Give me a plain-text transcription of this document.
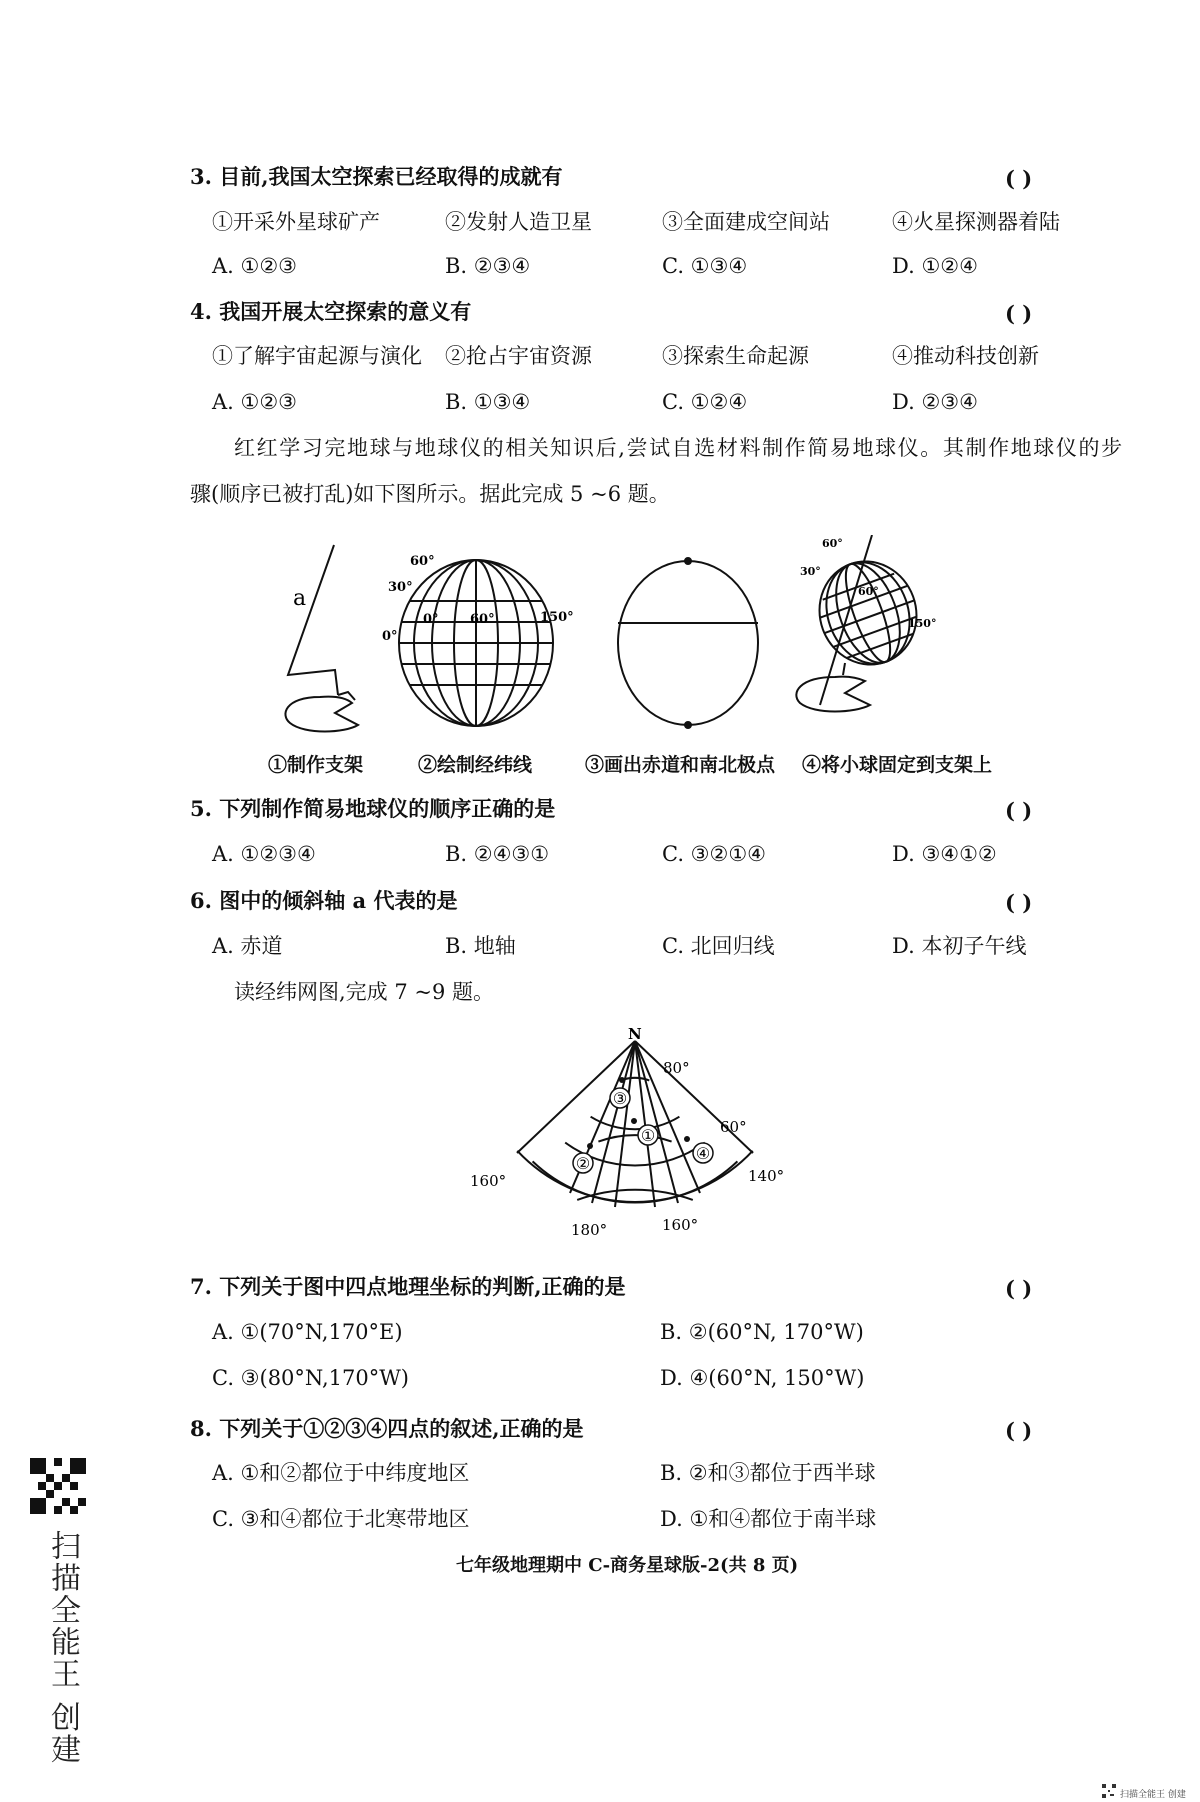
3. 目前,我国太空探索已经取得的成就有	( )
①开采外星球矿产	②发射人造卫星	③全面建成空间站	④火星探测器着陆
A. ①②③	B. ②③④	C. ①③④	D. ①②④
4. 我国开展太空探索的意义有	( )
①了解宇宙起源与演化 ②抢占宇宙资源	③探索生命起源	④推动科技创新
A. ①②③	B. ①③④	C. ①②④	D. ②③④
红红学习完地球与地球仪的相关知识后,尝试自选材料制作简易地球仪。其制作地球仪的步
骤(顺序已被打乱)如下图所示。据此完成 5 ~6 题。
a
60°
30°
0°
0° 60°	150°
60°
30°
60°
150°
①制作支架	②绘制经纬线	③画出赤道和南北极点 ④将小球固定到支架上
5. 下列制作简易地球仪的顺序正确的是	( )
A. ①②③④	B. ②④③①	C. ③②①④	D. ③④①②
6. 图中的倾斜轴 a 代表的是	( )
A. 赤道	B. 地轴	C. 北回归线	D. 本初子午线
读经纬网图,完成 7 ~9 题。
N
80°
60°
160°	140°
180°	160°
③
①
②
④
7. 下列关于图中四点地理坐标的判断,正确的是	( )
A. ①(70°N,170°E)	B. ②(60°N, 170°W)
C. ③(80°N,170°W)	D. ④(60°N, 150°W)
8. 下列关于①②③④四点的叙述,正确的是	( )
A. ①和②都位于中纬度地区	B. ②和③都位于西半球
C. ③和④都位于北寒带地区	D. ①和④都位于南半球
七年级地理期中 C-商务星球版-2(共 8 页)
扫描全能王 创建
扫描全能王 创建
